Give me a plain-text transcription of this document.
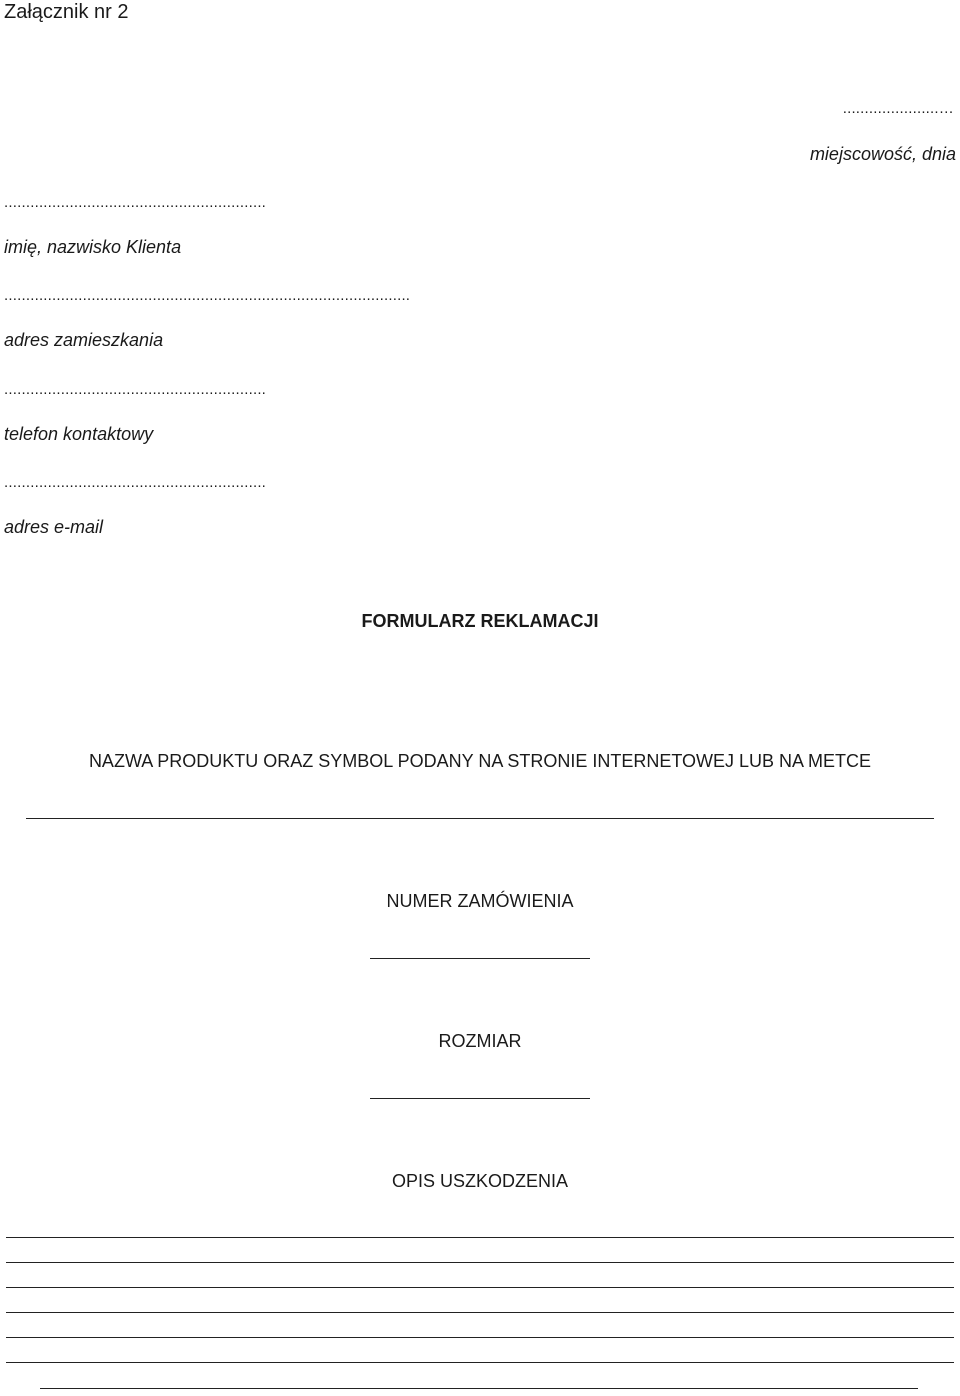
Załącznik nr 2
......................…
miejscowość, dnia
............................................................
imię, nazwisko Klienta
.............................................................................................
adres zamieszkania
............................................................
telefon kontaktowy
............................................................
adres e-mail
FORMULARZ REKLAMACJI
NAZWA PRODUKTU ORAZ SYMBOL PODANY NA STRONIE INTERNETOWEJ LUB NA METCE
NUMER ZAMÓWIENIA
ROZMIAR
OPIS USZKODZENIA
